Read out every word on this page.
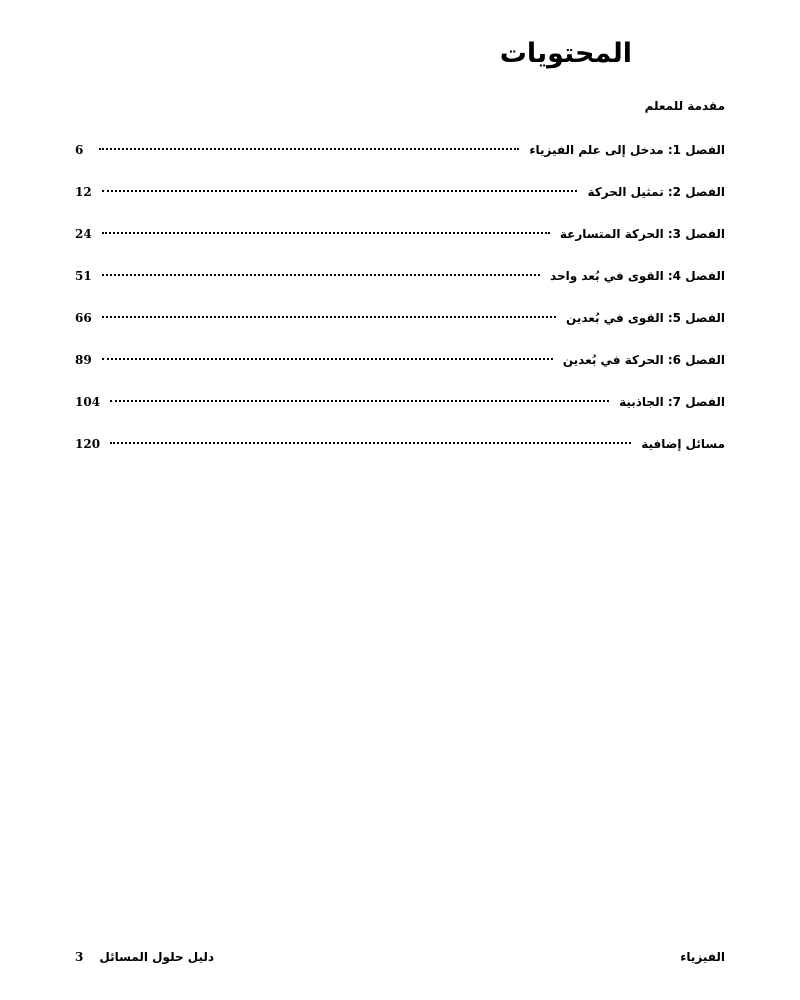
المحتويات
مقدمة للمعلم
الفصل 1: مدخل إلى علم الفيزياء
6
الفصل 2: تمثيل الحركة
12
الفصل 3: الحركة المتسارعة
24
الفصل 4: القوى في بُعد واحد
51
الفصل 5: القوى في بُعدين
66
الفصل 6: الحركة في بُعدين
89
الفصل 7: الجاذبية
104
مسائل إضافية
120
الفيزياء
3 دليل حلول المسائل
